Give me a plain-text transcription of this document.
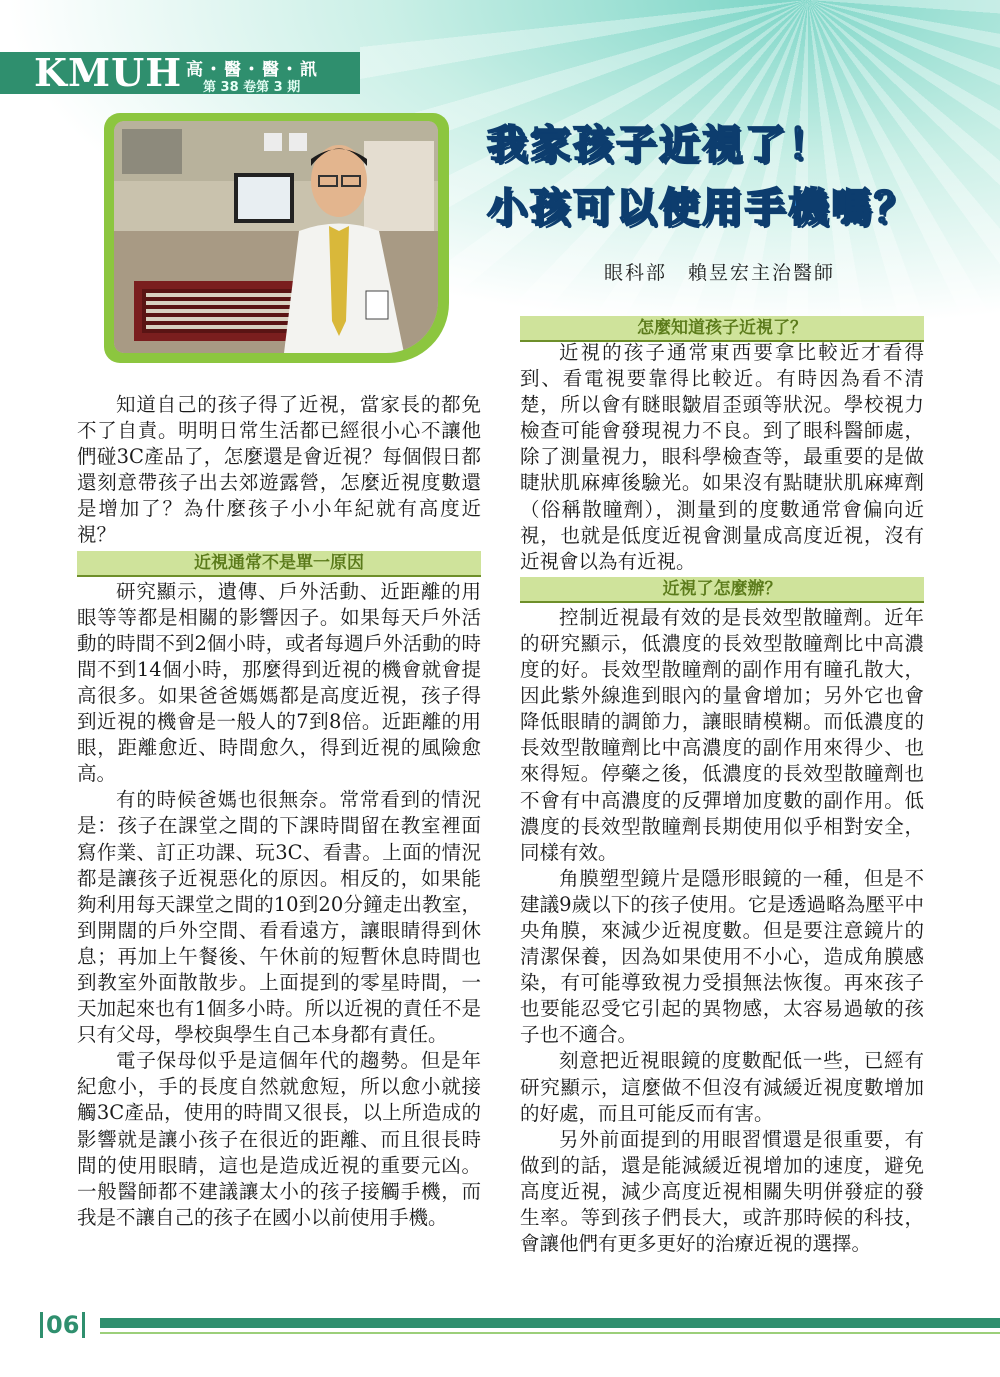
KMUH 高・醫・醫・訊
第 38 卷第 3 期
我家孩子近視了！
小孩可以使用手機嗎？
眼科部　賴昱宏主治醫師

知道自己的孩子得了近視，當家長的都免不了自責。明明日常生活都已經很小心不讓他們碰3C產品了，怎麼還是會近視？每個假日都還刻意帶孩子出去郊遊露營，怎麼近視度數還是增加了？為什麼孩子小小年紀就有高度近視？

近視通常不是單一原因

研究顯示，遺傳、戶外活動、近距離的用眼等等都是相關的影響因子。如果每天戶外活動的時間不到2個小時，或者每週戶外活動的時間不到14個小時，那麼得到近視的機會就會提高很多。如果爸爸媽媽都是高度近視，孩子得到近視的機會是一般人的7到8倍。近距離的用眼，距離愈近、時間愈久，得到近視的風險愈高。

有的時候爸媽也很無奈。常常看到的情況是：孩子在課堂之間的下課時間留在教室裡面寫作業、訂正功課、玩3C、看書。上面的情況都是讓孩子近視惡化的原因。相反的，如果能夠利用每天課堂之間的10到20分鐘走出教室，到開闊的戶外空間、看看遠方，讓眼睛得到休息；再加上午餐後、午休前的短暫休息時間也到教室外面散散步。上面提到的零星時間，一天加起來也有1個多小時。所以近視的責任不是只有父母，學校與學生自己本身都有責任。

電子保母似乎是這個年代的趨勢。但是年紀愈小，手的長度自然就愈短，所以愈小就接觸3C產品，使用的時間又很長，以上所造成的影響就是讓小孩子在很近的距離、而且很長時間的使用眼睛，這也是造成近視的重要元凶。一般醫師都不建議讓太小的孩子接觸手機，而我是不讓自己的孩子在國小以前使用手機。

怎麼知道孩子近視了？

近視的孩子通常東西要拿比較近才看得到、看電視要靠得比較近。有時因為看不清楚，所以會有瞇眼皺眉歪頭等狀況。學校視力檢查可能會發現視力不良。到了眼科醫師處，除了測量視力，眼科學檢查等，最重要的是做睫狀肌麻痺後驗光。如果沒有點睫狀肌麻痺劑（俗稱散瞳劑），測量到的度數通常會偏向近視，也就是低度近視會測量成高度近視，沒有近視會以為有近視。

近視了怎麼辦？

控制近視最有效的是長效型散瞳劑。近年的研究顯示，低濃度的長效型散瞳劑比中高濃度的好。長效型散瞳劑的副作用有瞳孔散大，因此紫外線進到眼內的量會增加；另外它也會降低眼睛的調節力，讓眼睛模糊。而低濃度的長效型散瞳劑比中高濃度的副作用來得少、也來得短。停藥之後，低濃度的長效型散瞳劑也不會有中高濃度的反彈增加度數的副作用。低濃度的長效型散瞳劑長期使用似乎相對安全，同樣有效。

角膜塑型鏡片是隱形眼鏡的一種，但是不建議9歲以下的孩子使用。它是透過略為壓平中央角膜，來減少近視度數。但是要注意鏡片的清潔保養，因為如果使用不小心，造成角膜感染，有可能導致視力受損無法恢復。再來孩子也要能忍受它引起的異物感，太容易過敏的孩子也不適合。

刻意把近視眼鏡的度數配低一些，已經有研究顯示，這麼做不但沒有減緩近視度數增加的好處，而且可能反而有害。

另外前面提到的用眼習慣還是很重要，有做到的話，還是能減緩近視增加的速度，避免高度近視，減少高度近視相關失明併發症的發生率。等到孩子們長大，或許那時候的科技，會讓他們有更多更好的治療近視的選擇。

06
